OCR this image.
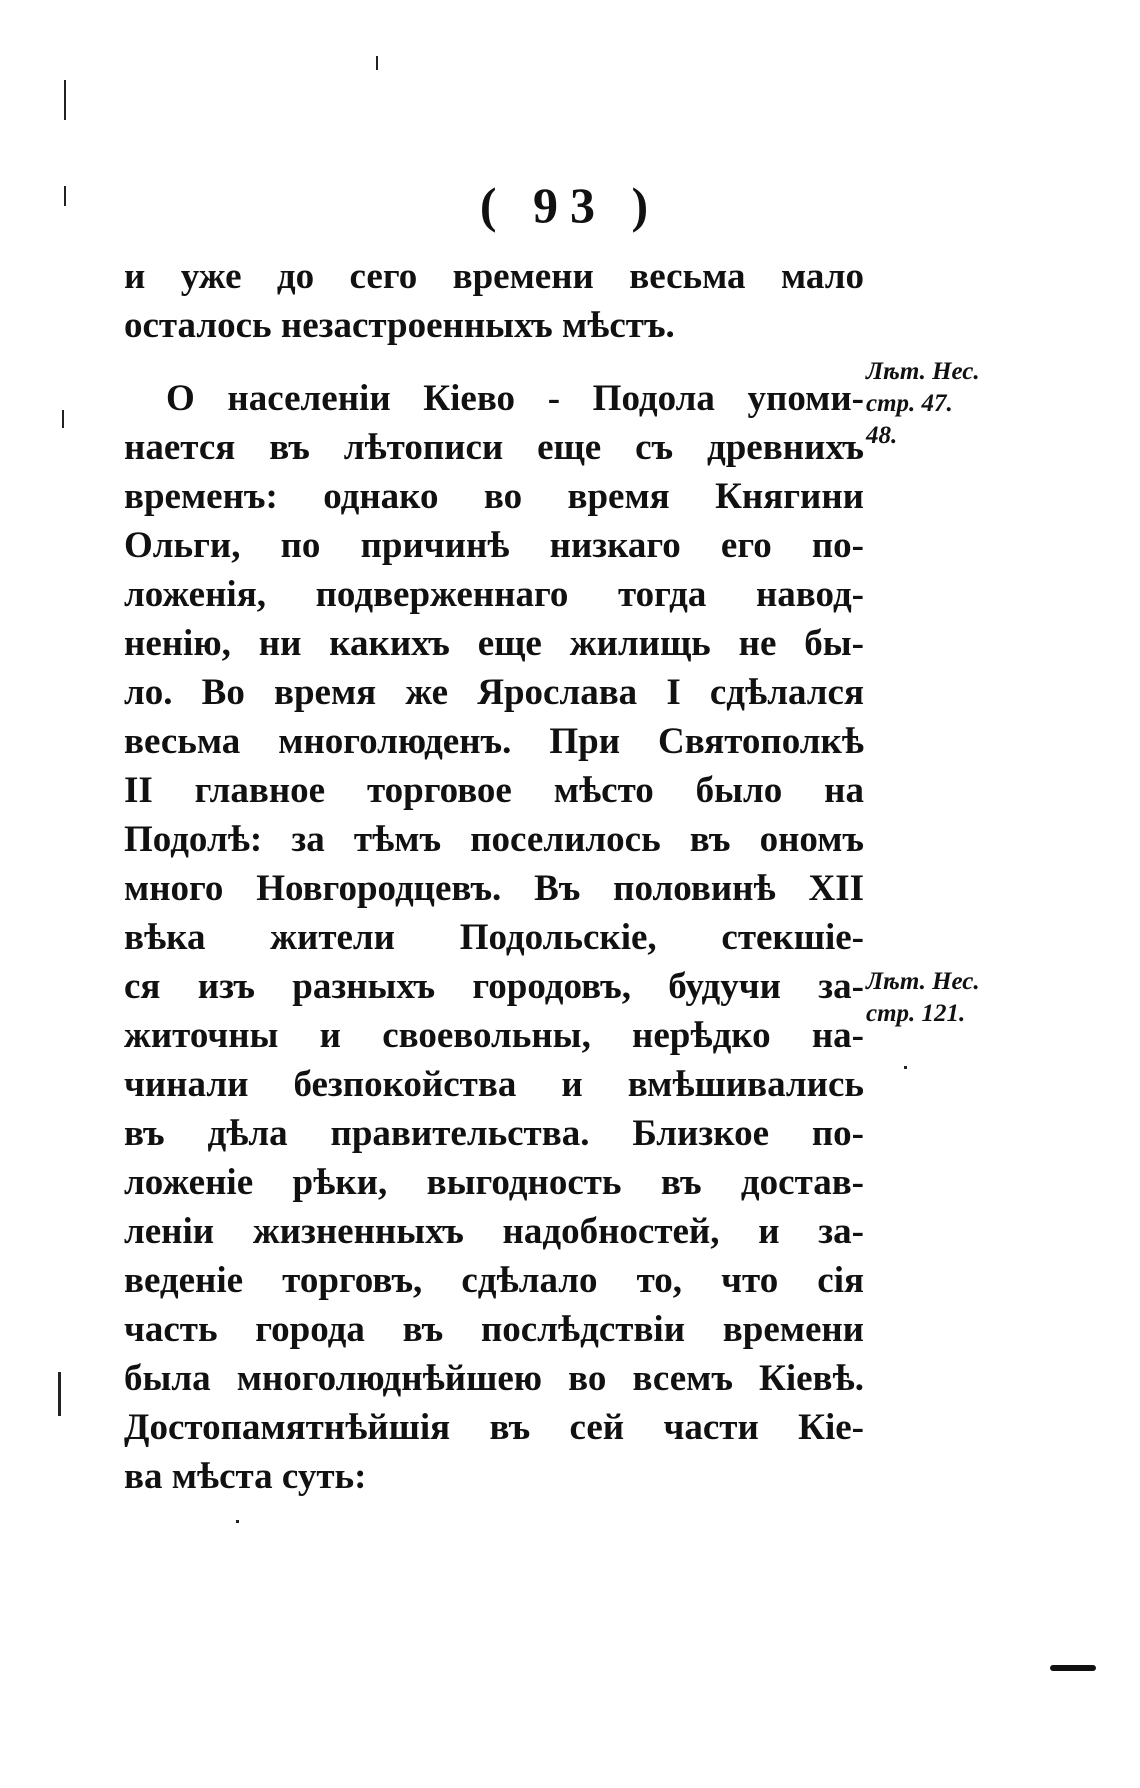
( 93 )
и уже до сего времени весьма мало
осталось незастроенныхъ мѣстъ.
О населенiи Кiево - Подола упоми-
нается въ лѣтописи еще съ древнихъ
временъ: однако во время Княгини
Ольги, по причинѣ низкаго его по-
ложенiя, подверженнаго тогда навод-
ненiю, ни какихъ еще жилищь не бы-
ло. Во время же Ярослава I сдѣлался
весьма многолюденъ. При Святополкѣ
II главное торговое мѣсто было на
Подолѣ: за тѣмъ поселилось въ ономъ
много Новгородцевъ. Въ половинѣ XII
вѣка жители Подольскiе, стекшiе-
ся изъ разныхъ городовъ, будучи за-
житочны и своевольны, нерѣдко на-
чинали безпокойства и вмѣшивались
въ дѣла правительства. Близкое по-
ложенiе рѣки, выгодность въ достав-
ленiи жизненныхъ надобностей, и за-
веденiе торговъ, сдѣлало то, что сiя
часть города въ послѣдствiи времени
была многолюднѣйшею во всемъ Кiевѣ.
Достопамятнѣйшiя въ сей части Кiе-
ва мѣста суть:
Лѣт. Нес.
стр. 47.
48.
Лѣт. Нес.
стр. 121.
